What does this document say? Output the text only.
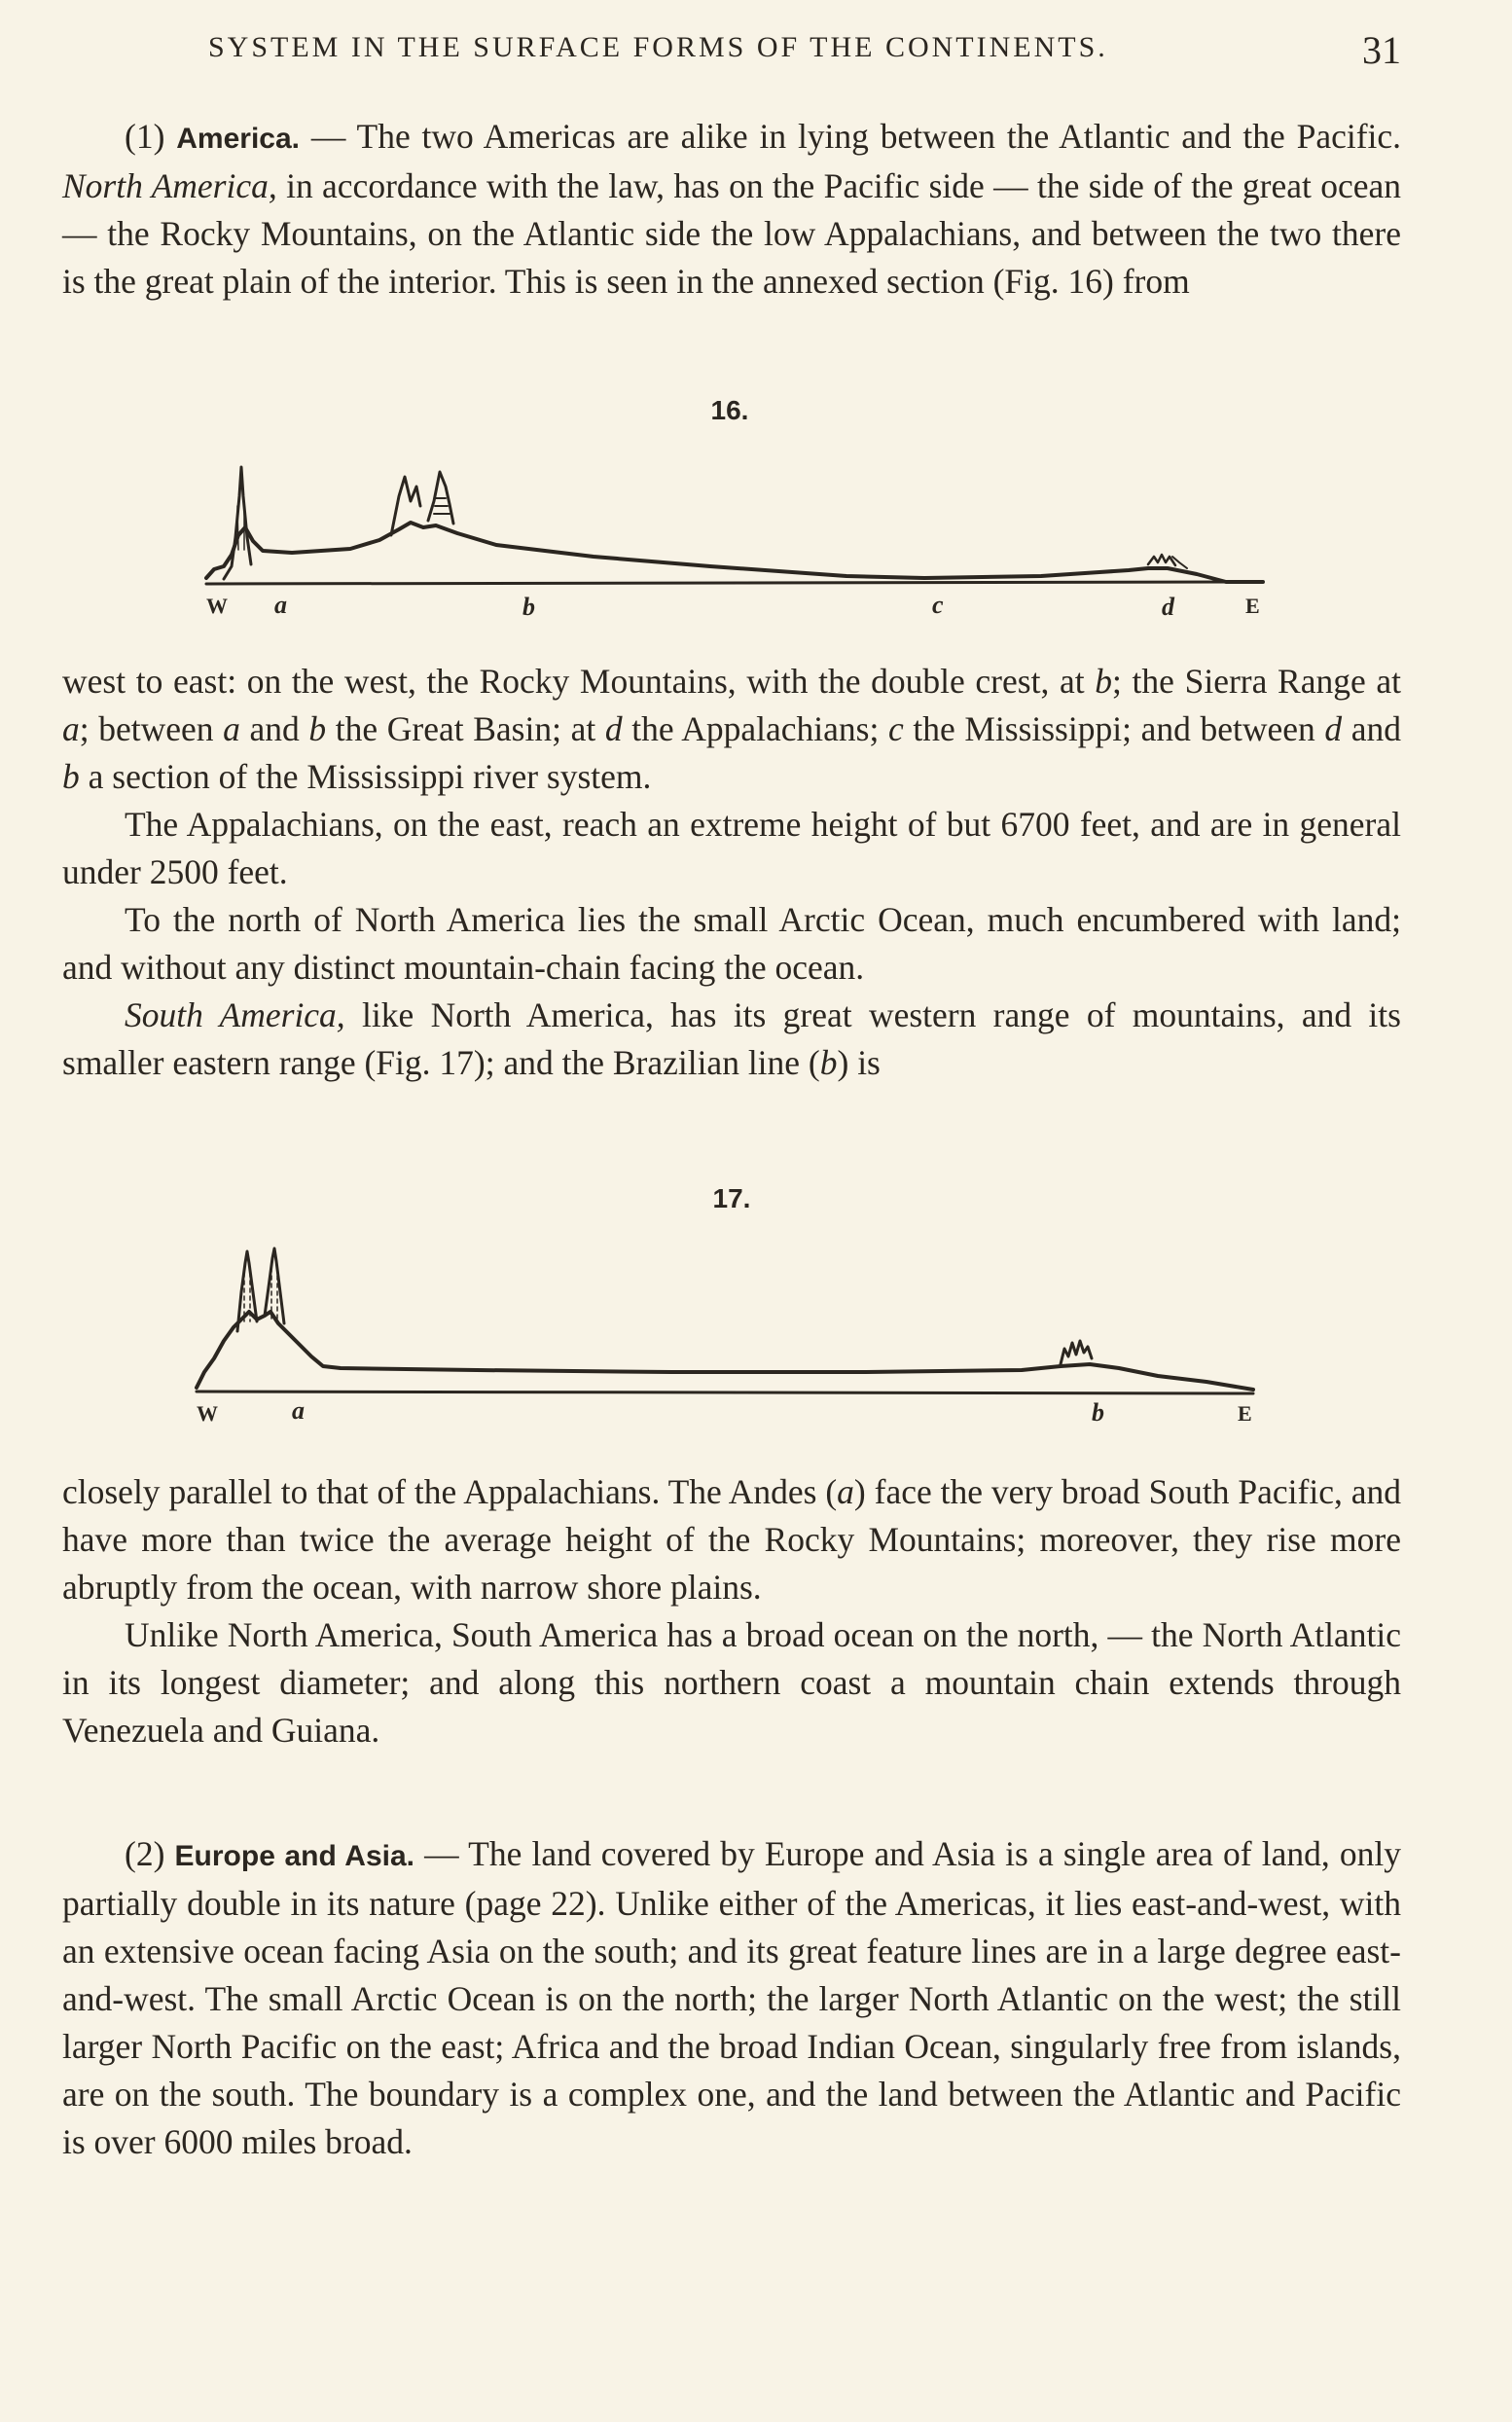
SYSTEM IN THE SURFACE FORMS OF THE CONTINENTS.	31

(1) America. — The two Americas are alike in lying between the Atlantic and the Pacific. North America, in accordance with the law, has on the Pacific side — the side of the great ocean — the Rocky Mountains, on the Atlantic side the low Appalachians, and between the two there is the great plain of the interior. This is seen in the annexed section (Fig. 16) from

16.
W a	b	c	d	E

west to east: on the west, the Rocky Mountains, with the double crest, at b; the Sierra Range at a; between a and b the Great Basin; at d the Appalachians; c the Mississippi; and between d and b a section of the Mississippi river system.

The Appalachians, on the east, reach an extreme height of but 6700 feet, and are in general under 2500 feet.

To the north of North America lies the small Arctic Ocean, much encumbered with land; and without any distinct mountain-chain facing the ocean.

South America, like North America, has its great western range of mountains, and its smaller eastern range (Fig. 17); and the Brazilian line (b) is

17.
W	a	b	E

closely parallel to that of the Appalachians. The Andes (a) face the very broad South Pacific, and have more than twice the average height of the Rocky Mountains; moreover, they rise more abruptly from the ocean, with narrow shore plains.

Unlike North America, South America has a broad ocean on the north, — the North Atlantic in its longest diameter; and along this northern coast a mountain chain extends through Venezuela and Guiana.

(2) Europe and Asia. — The land covered by Europe and Asia is a single area of land, only partially double in its nature (page 22). Unlike either of the Americas, it lies east-and-west, with an extensive ocean facing Asia on the south; and its great feature lines are in a large degree east-and-west. The small Arctic Ocean is on the north; the larger North Atlantic on the west; the still larger North Pacific on the east; Africa and the broad Indian Ocean, singularly free from islands, are on the south. The boundary is a complex one, and the land between the Atlantic and Pacific is over 6000 miles broad.
